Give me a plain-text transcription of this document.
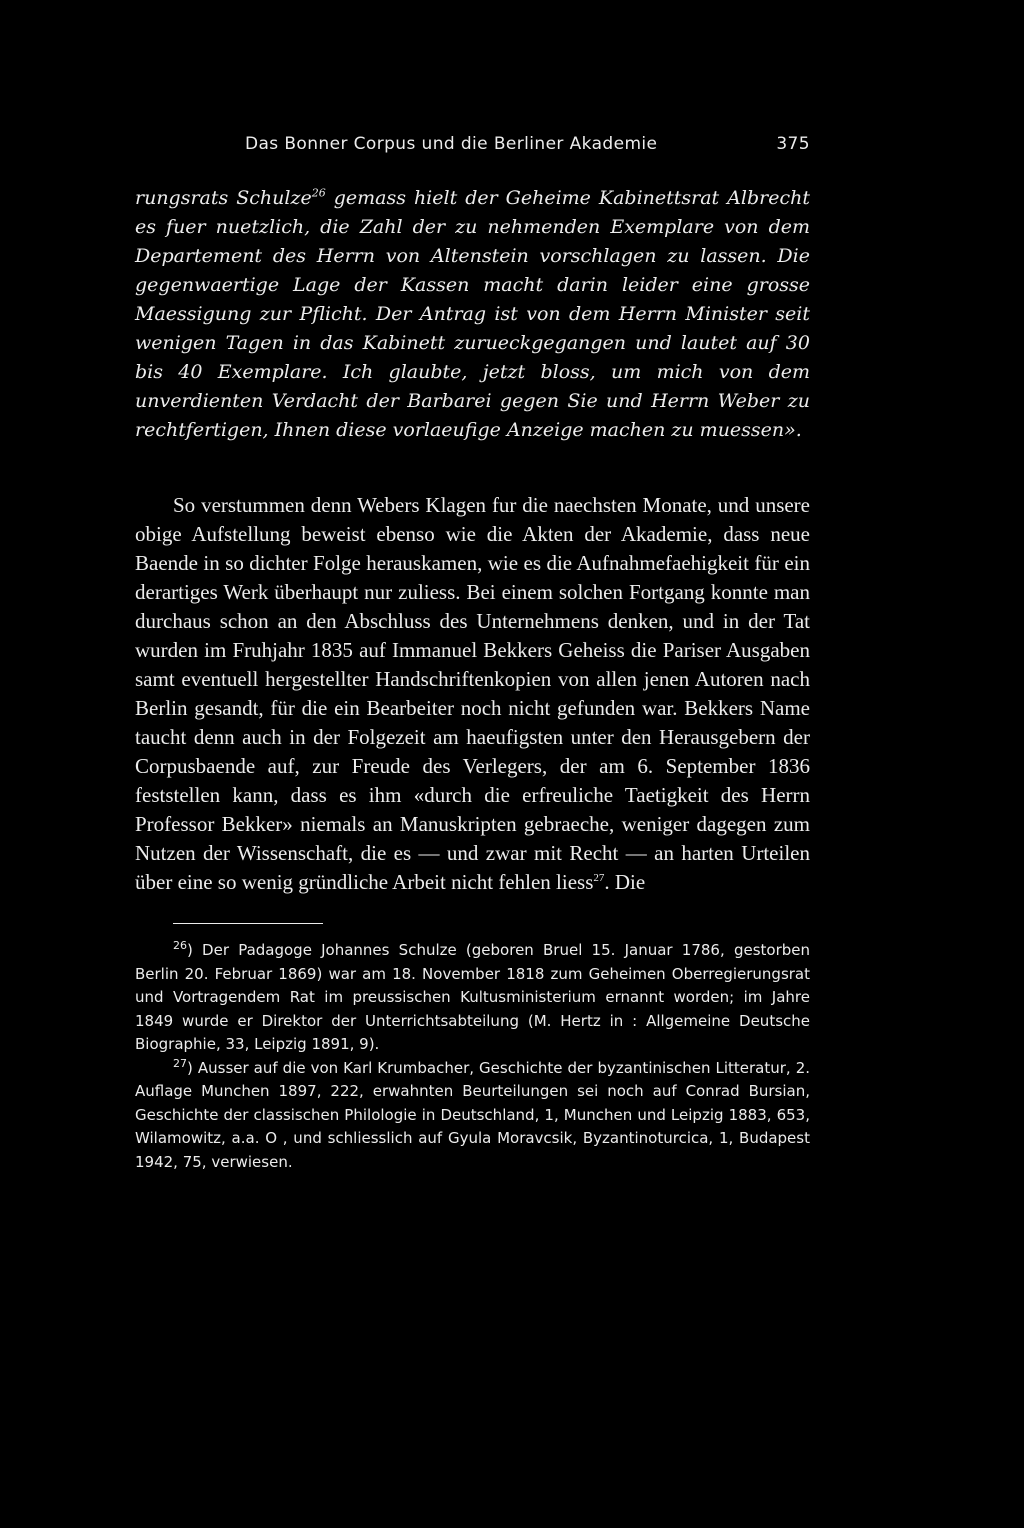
Das Bonner Corpus und die Berliner Akademie	375

rungsrats Schulze$^{26}$ gemass hielt der Geheime Kabinettsrat Albrecht es fuer nuetzlich, die Zahl der zu nehmenden Exemplare von dem Departement des Herrn von Altenstein vorschlagen zu lassen. Die gegenwaertige Lage der Kassen macht darin leider eine grosse Maessigung zur Pflicht. Der Antrag ist von dem Herrn Minister seit wenigen Tagen in das Kabinett zurueckgegangen und lautet auf 30 bis 40 Exemplare. Ich glaubte, jetzt bloss, um mich von dem unverdienten Verdacht der Barbarei gegen Sie und Herrn Weber zu rechtfertigen, Ihnen diese vorlaeufige Anzeige machen zu muessen».

So verstummen denn Webers Klagen fur die naechsten Monate, und unsere obige Aufstellung beweist ebenso wie die Akten der Akademie, dass neue Baende in so dichter Folge herauskamen, wie es die Aufnahmefaehigkeit für ein derartiges Werk überhaupt nur zuliess. Bei einem solchen Fortgang konnte man durchaus schon an den Abschluss des Unternehmens denken, und in der Tat wurden im Fruhjahr 1835 auf Immanuel Bekkers Geheiss die Pariser Ausgaben samt eventuell hergestellter Handschriftenkopien von allen jenen Autoren nach Berlin gesandt, für die ein Bearbeiter noch nicht gefunden war. Bekkers Name taucht denn auch in der Folgezeit am haeufigsten unter den Herausgebern der Corpusbaende auf, zur Freude des Verlegers, der am 6. September 1836 feststellen kann, dass es ihm «durch die erfreuliche Taetigkeit des Herrn Professor Bekker» niemals an Manuskripten gebraeche, weniger dagegen zum Nutzen der Wissenschaft, die es — und zwar mit Recht — an harten Urteilen über eine so wenig gründliche Arbeit nicht fehlen liess$^{27}$. Die

$^{26}$) Der Padagoge Johannes Schulze (geboren Bruel 15. Januar 1786, gestorben Berlin 20. Februar 1869) war am 18. November 1818 zum Geheimen Oberregierungsrat und Vortragendem Rat im preussischen Kultusministerium ernannt worden; im Jahre 1849 wurde er Direktor der Unterrichtsabteilung (M. Hertz in : Allgemeine Deutsche Biographie, 33, Leipzig 1891, 9).

$^{27}$) Ausser auf die von Karl Krumbacher, Geschichte der byzantinischen Litteratur, 2. Auflage Munchen 1897, 222, erwahnten Beurteilungen sei noch auf Conrad Bursian, Geschichte der classischen Philologie in Deutschland, 1, Munchen und Leipzig 1883, 653, Wilamowitz, a.a. O , und schliesslich auf Gyula Moravcsik, Byzantinoturcica, 1, Budapest 1942, 75, verwiesen.
